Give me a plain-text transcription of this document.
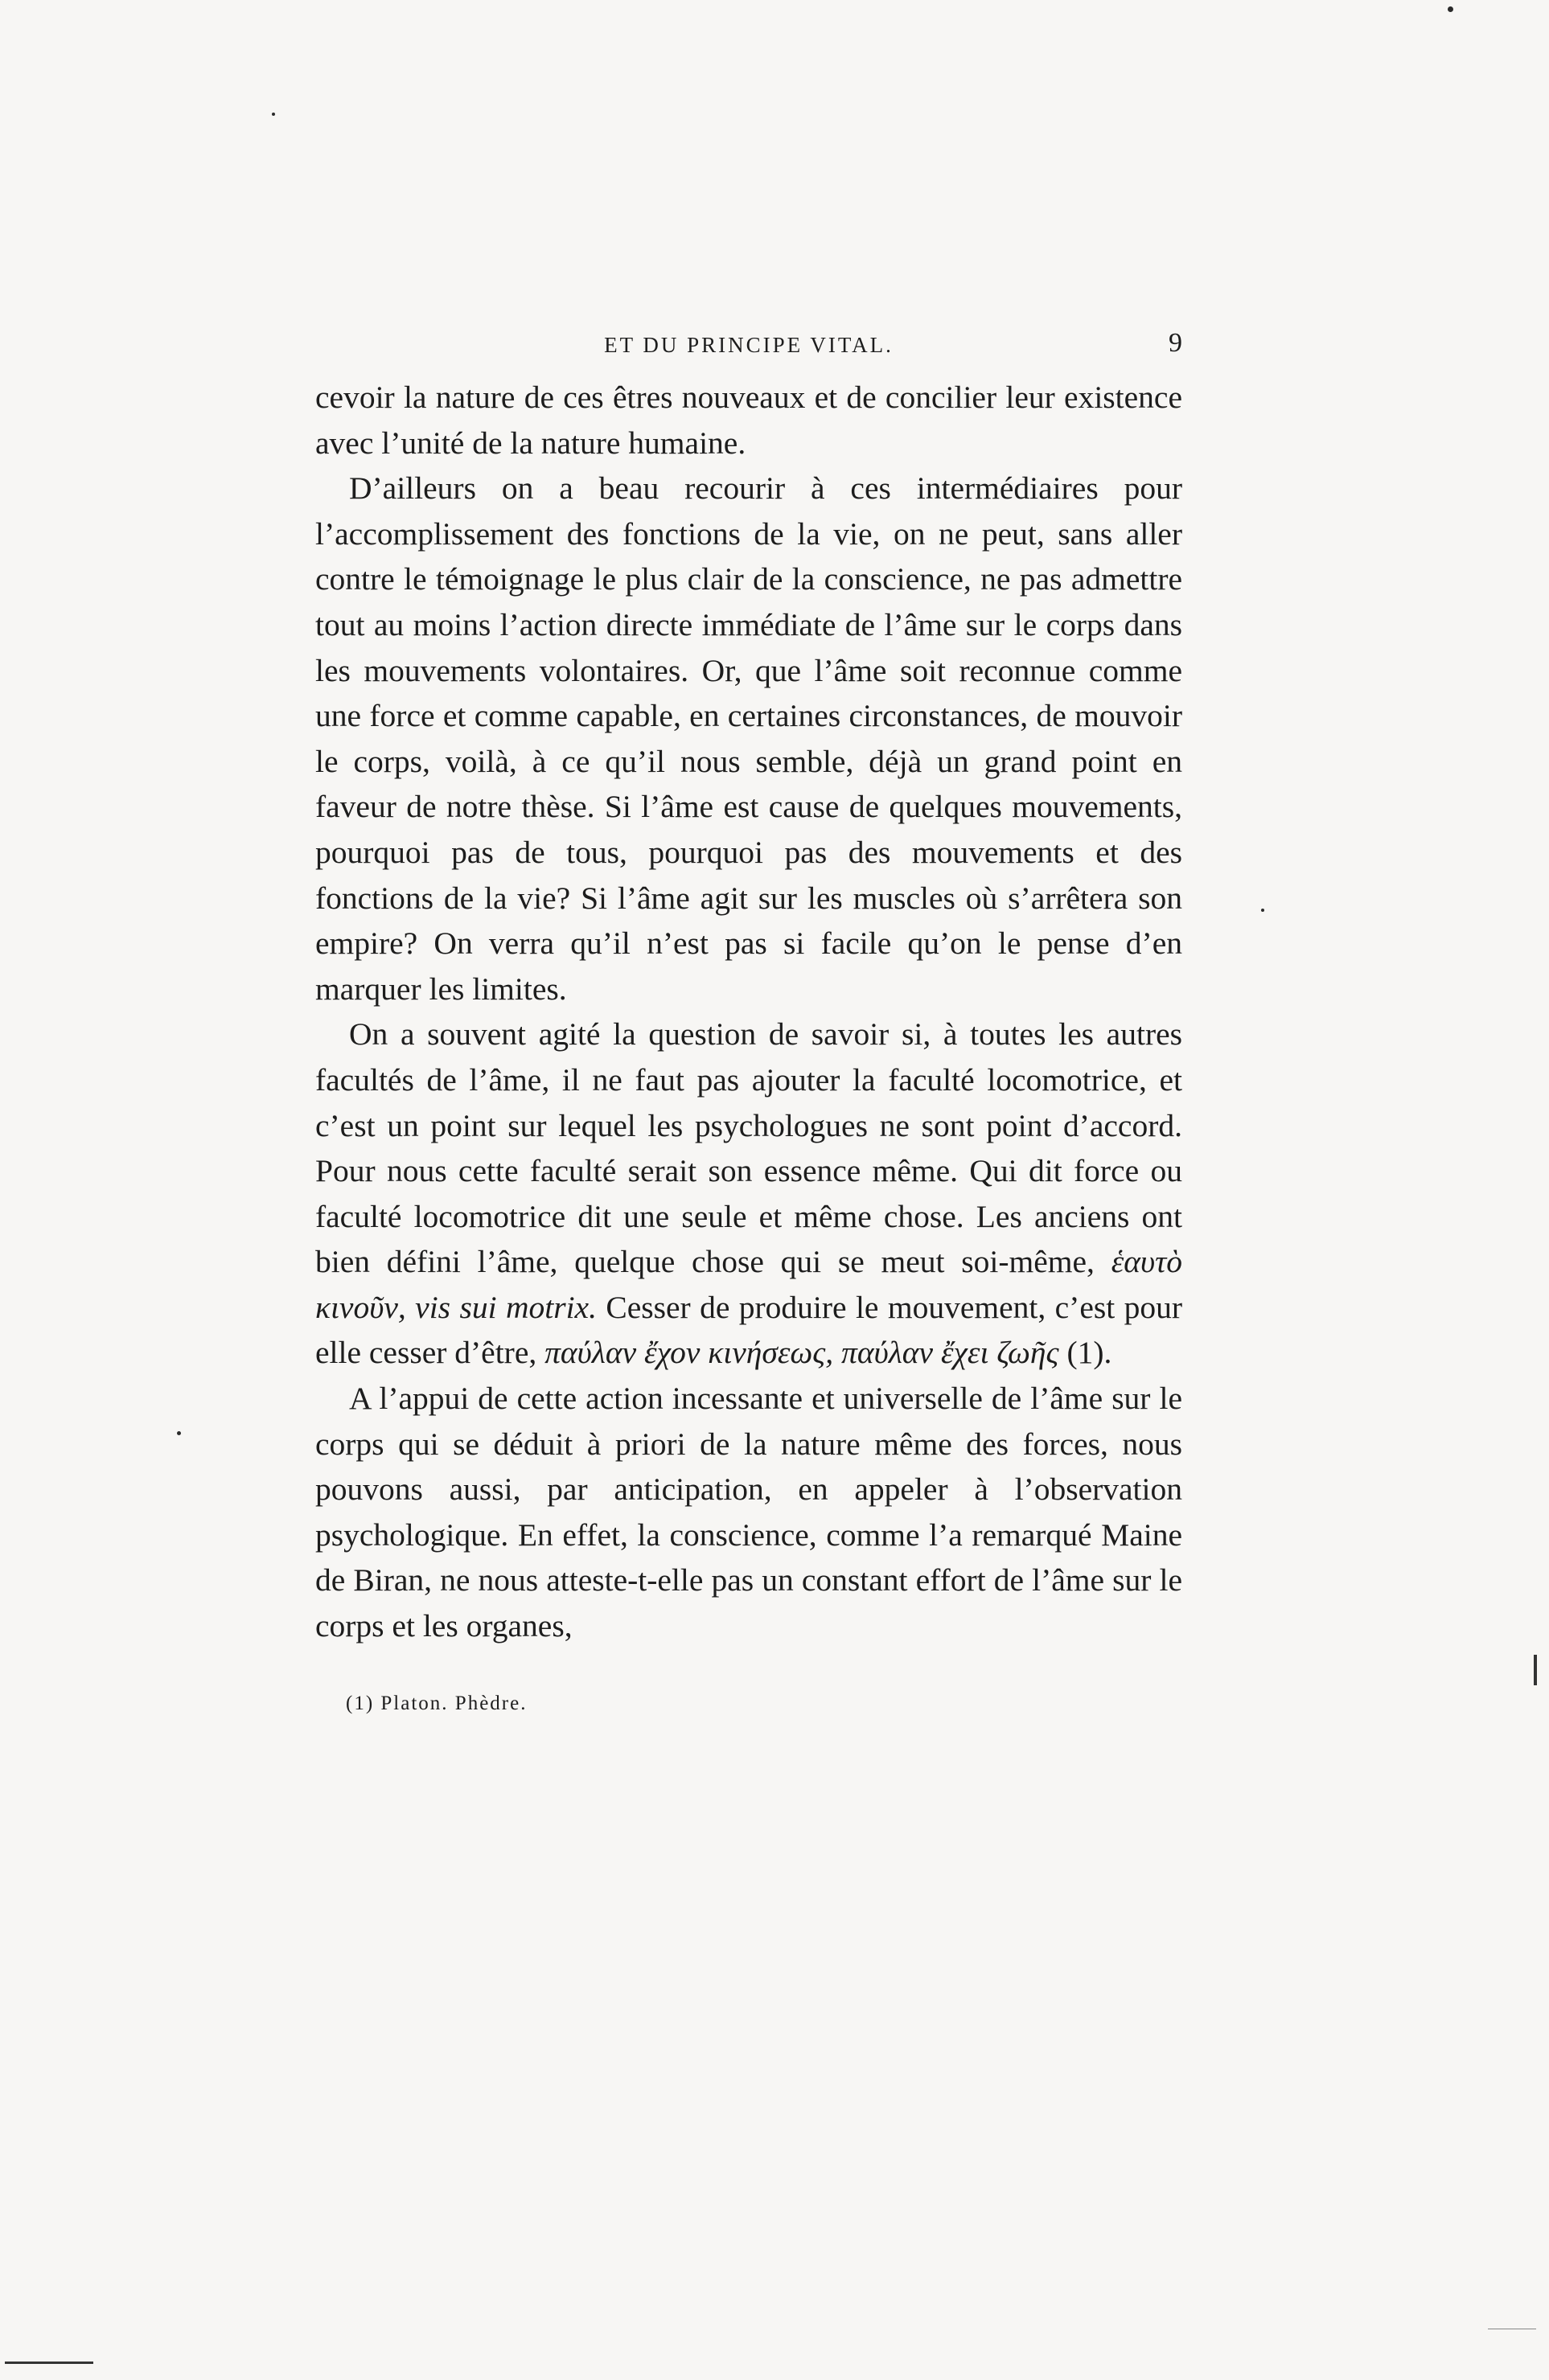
ET DU PRINCIPE VITAL.	9

cevoir la nature de ces êtres nouveaux et de concilier leur existence avec l’unité de la nature humaine.

D’ailleurs on a beau recourir à ces intermédiaires pour l’accomplissement des fonctions de la vie, on ne peut, sans aller contre le témoignage le plus clair de la conscience, ne pas admettre tout au moins l’action directe immédiate de l’âme sur le corps dans les mouvements volontaires. Or, que l’âme soit reconnue comme une force et comme capable, en certaines circonstances, de mouvoir le corps, voilà, à ce qu’il nous semble, déjà un grand point en faveur de notre thèse. Si l’âme est cause de quelques mouvements, pourquoi pas de tous, pourquoi pas des mouvements et des fonctions de la vie? Si l’âme agit sur les muscles où s’arrêtera son empire? On verra qu’il n’est pas si facile qu’on le pense d’en marquer les limites.

On a souvent agité la question de savoir si, à toutes les autres facultés de l’âme, il ne faut pas ajouter la faculté locomotrice, et c’est un point sur lequel les psychologues ne sont point d’accord. Pour nous cette faculté serait son essence même. Qui dit force ou faculté locomotrice dit une seule et même chose. Les anciens ont bien défini l’âme, quelque chose qui se meut soi-même, ἑαυτὸ κινοῦν, vis sui motrix. Cesser de produire le mouvement, c’est pour elle cesser d’être, παύλαν ἔχον κινήσεως, παύλαν ἔχει ζωῆς (1).

A l’appui de cette action incessante et universelle de l’âme sur le corps qui se déduit à priori de la nature même des forces, nous pouvons aussi, par anticipation, en appeler à l’observation psychologique. En effet, la conscience, comme l’a remarqué Maine de Biran, ne nous atteste-t-elle pas un constant effort de l’âme sur le corps et les organes,

(1) Platon. Phèdre.
